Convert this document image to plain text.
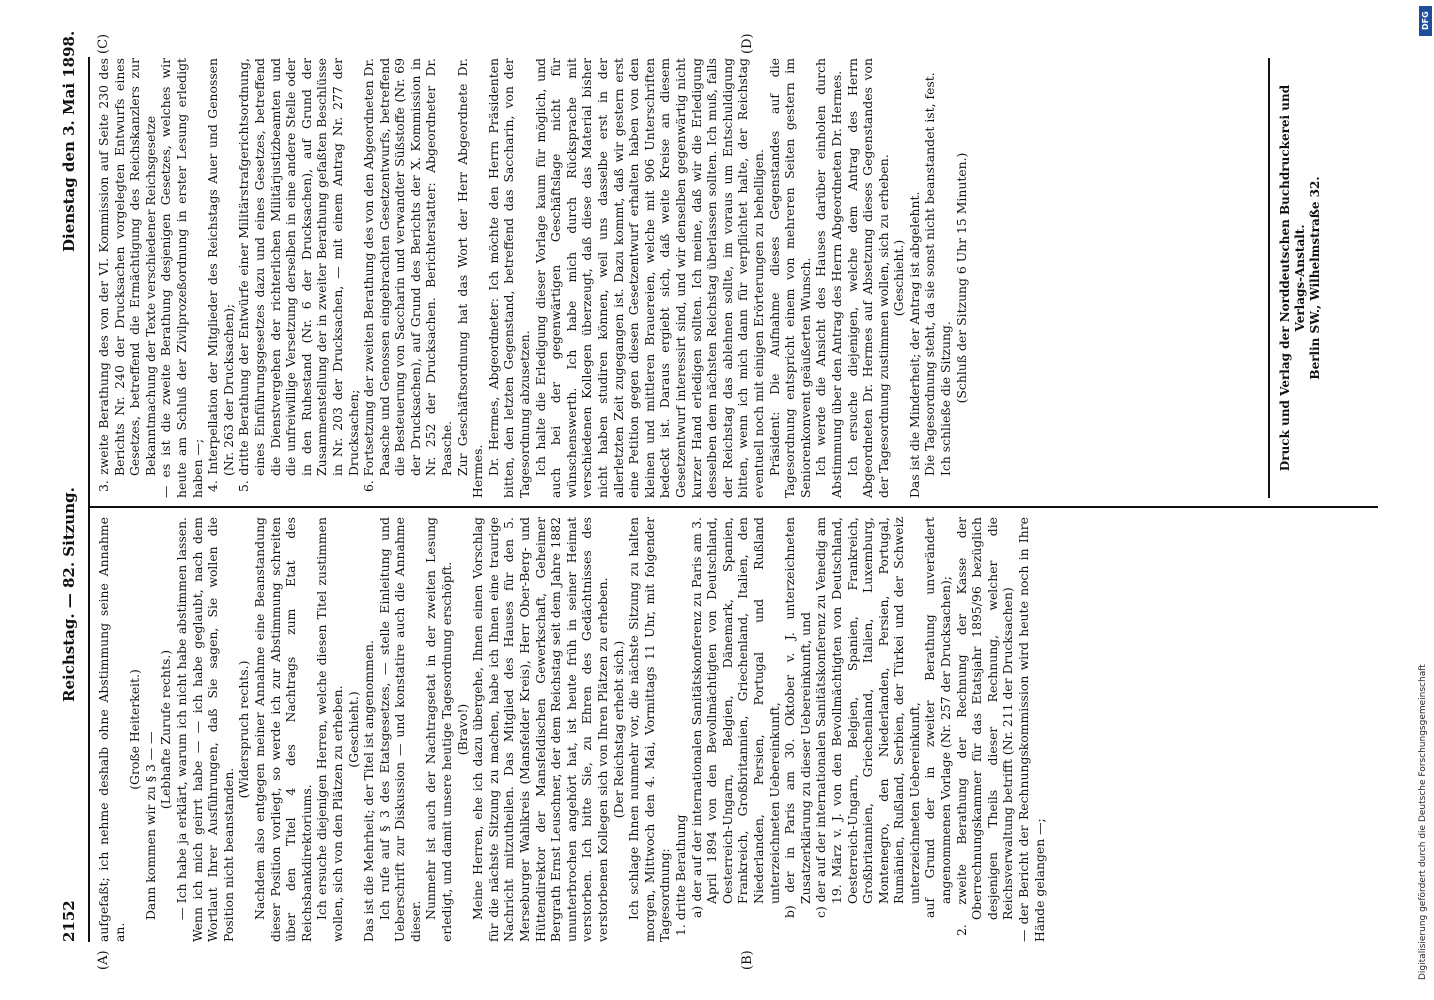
2152
Reichstag. — 82. Sitzung.
Dienstag den 3. Mai 1898.
(A)	(B)
(C)	(D)

aufgefaßt; ich nehme deshalb ohne Abstimmung seine Annahme an.

(Große Heiterkeit.)

Dann kommen wir zu § 3 — —

(Lebhafte Zurufe rechts.) — Ich habe ja erklärt, warum ich nicht habe abstimmen lassen. Wenn ich mich geirrt habe — — ich habe geglaubt, nach dem Wortlaut Ihrer Ausführungen, daß Sie sagen, Sie wollen die Position nicht beanstanden.

(Widerspruch rechts.) Nachdem also entgegen meiner Annahme eine Beanstandung dieser Position vorliegt, so werde ich zur Abstimmung schreiten über den Titel 4 des Nachtrags zum Etat des Reichsbankdirektoriums. Ich ersuche diejenigen Herren, welche diesen Titel zustimmen wollen, sich von den Plätzen zu erheben. (Geschieht.) Das ist die Mehrheit; der Titel ist angenommen. Ich rufe auf § 3 des Etatsgesetzes, — stelle Einleitung und Ueberschrift zur Diskussion — und konstatire auch die Annahme dieser.

Nunmehr ist auch der Nachtragsetat in der zweiten Lesung erledigt, und damit unsere heutige Tagesordnung erschöpft. (Bravo!) Meine Herren, ehe ich dazu übergehe, Ihnen einen Vorschlag für die nächste Sitzung zu machen, habe ich Ihnen eine traurige Nachricht mitzutheilen. Das Mitglied des Hauses für den 5. Merseburger Wahlkreis (Mansfelder Kreis), Herr Ober-Berg- und Hüttendirektor der Mansfeldischen Gewerkschaft, Geheimer Bergrath Ernst Leuschner, der dem Reichstag seit dem Jahre 1882 ununterbrochen angehört hat, ist heute früh in seiner Heimat verstorben. Ich bitte Sie, zu Ehren des Gedächtnisses des verstorbenen Kollegen sich von Ihren Plätzen zu erheben. (Der Reichstag erhebt sich.) Ich schlage Ihnen nunmehr vor, die nächste Sitzung zu halten morgen, Mittwoch den 4. Mai, Vormittags 11 Uhr, mit folgender Tagesordnung: 1. dritte Berathung a) der auf der internationalen Sanitätskonferenz zu Paris am 3. April 1894 von den Bevollmächtigten von Deutschland, Oesterreich-Ungarn, Belgien, Dänemark, Spanien, Frankreich, Großbritannien, Griechenland, Italien, den Niederlanden, Persien, Portugal und Rußland unterzeichneten Uebereinkunft, b) der in Paris am 30. Oktober v. J. unterzeichneten Zusatzerklärung zu dieser Uebereinkunft, und c) der auf der internationalen Sanitätskonferenz zu Venedig am 19. März v. J. von den Bevollmächtigten von Deutschland, Oesterreich-Ungarn, Belgien, Spanien, Frankreich, Großbritannien, Griechenland, Italien, Luxemburg, Montenegro, den Niederlanden, Persien, Portugal, Rumänien, Rußland, Serbien, der Türkei und der Schweiz unterzeichneten Uebereinkunft, auf Grund der in zweiter Berathung unverändert angenommenen Vorlage (Nr. 257 der Drucksachen); 2. zweite Berathung der Rechnung der Kasse der Oberrechnungskammer für das Etatsjahr 1895/96 bezüglich desjenigen Theils dieser Rechnung, welcher die Reichsverwaltung betrifft (Nr. 211 der Drucksachen) — der Bericht der Rechnungskommission wird heute noch in Ihre Hände gelangen —;

3. zweite Berathung des von der VI. Kommission auf Seite 230 des Berichts Nr. 240 der Drucksachen vorgelegten Entwurfs eines Gesetzes, betreffend die Ermächtigung des Reichskanzlers zur Bekanntmachung der Texte verschiedener Reichsgesetze — es ist die zweite Berathung desjenigen Gesetzes, welches wir heute am Schluß der Zivilprozeßordnung in erster Lesung erledigt haben —; 4. Interpellation der Mitglieder des Reichstags Auer und Genossen (Nr. 263 der Drucksachen); 5. dritte Berathung der Entwürfe einer Militärstrafgerichtsordnung, eines Einführungsgesetzes dazu und eines Gesetzes, betreffend die Dienstvergehen der richterlichen Militärjustizbeamten und die unfreiwillige Versetzung derselben in eine andere Stelle oder in den Ruhestand (Nr. 6 der Drucksachen), auf Grund der Zusammenstellung der in zweiter Berathung gefaßten Beschlüsse in Nr. 203 der Drucksachen, — mit einem Antrag Nr. 277 der Drucksachen; 6. Fortsetzung der zweiten Berathung des von den Abgeordneten Dr. Paasche und Genossen eingebrachten Gesetzentwurfs, betreffend die Besteuerung von Saccharin und verwandter Süßstoffe (Nr. 69 der Drucksachen), auf Grund des Berichts der X. Kommission in Nr. 252 der Drucksachen. Berichterstatter: Abgeordneter Dr. Paasche. Zur Geschäftsordnung hat das Wort der Herr Abgeordnete Dr. Hermes. Dr. Hermes, Abgeordneter: Ich möchte den Herrn Präsidenten bitten, den letzten Gegenstand, betreffend das Saccharin, von der Tagesordnung abzusetzen. Ich halte die Erledigung dieser Vorlage kaum für möglich, und auch bei der gegenwärtigen Geschäftslage nicht für wünschenswerth. Ich habe mich durch Rücksprache mit verschiedenen Kollegen überzeugt, daß diese das Material bisher nicht haben studiren können, weil uns dasselbe erst in der allerletzten Zeit zugegangen ist. Dazu kommt, daß wir gestern erst eine Petition gegen diesen Gesetzentwurf erhalten haben von den kleinen und mittleren Brauereien, welche mit 906 Unterschriften bedeckt ist. Daraus ergiebt sich, daß weite Kreise an diesem Gesetzentwurf interessirt sind, und wir denselben gegenwärtig nicht kurzer Hand erledigen sollten. Ich meine, daß wir die Erledigung desselben dem nächsten Reichstag überlassen sollten. Ich muß, falls der Reichstag das ablehnen sollte, im voraus um Entschuldigung bitten, wenn ich mich dann für verpflichtet halte, der Reichstag eventuell noch mit einigen Erörterungen zu behelligen. Präsident: Die Aufnahme dieses Gegenstandes auf die Tagesordnung entspricht einem von mehreren Seiten gestern im Seniorenkonvent geäußerten Wunsch. Ich werde die Ansicht des Hauses darüber einholen durch Abstimmung über den Antrag des Herrn Abgeordneten Dr. Hermes. Ich ersuche diejenigen, welche dem Antrag des Herrn Abgeordneten Dr. Hermes auf Absetzung dieses Gegenstandes von der Tagesordnung zustimmen wollen, sich zu erheben. (Geschieht.) Das ist die Minderheit; der Antrag ist abgelehnt. Die Tagesordnung steht, da sie sonst nicht beanstandet ist, fest. Ich schließe die Sitzung. (Schluß der Sitzung 6 Uhr 15 Minuten.)	Druck und Verlag der Norddeutschen Buchdruckerei und Verlags-Anstalt. Berlin SW., Wilhelmstraße 32.
DFG
Digitalisierung gefördert durch die Deutsche Forschungsgemeinschaft
